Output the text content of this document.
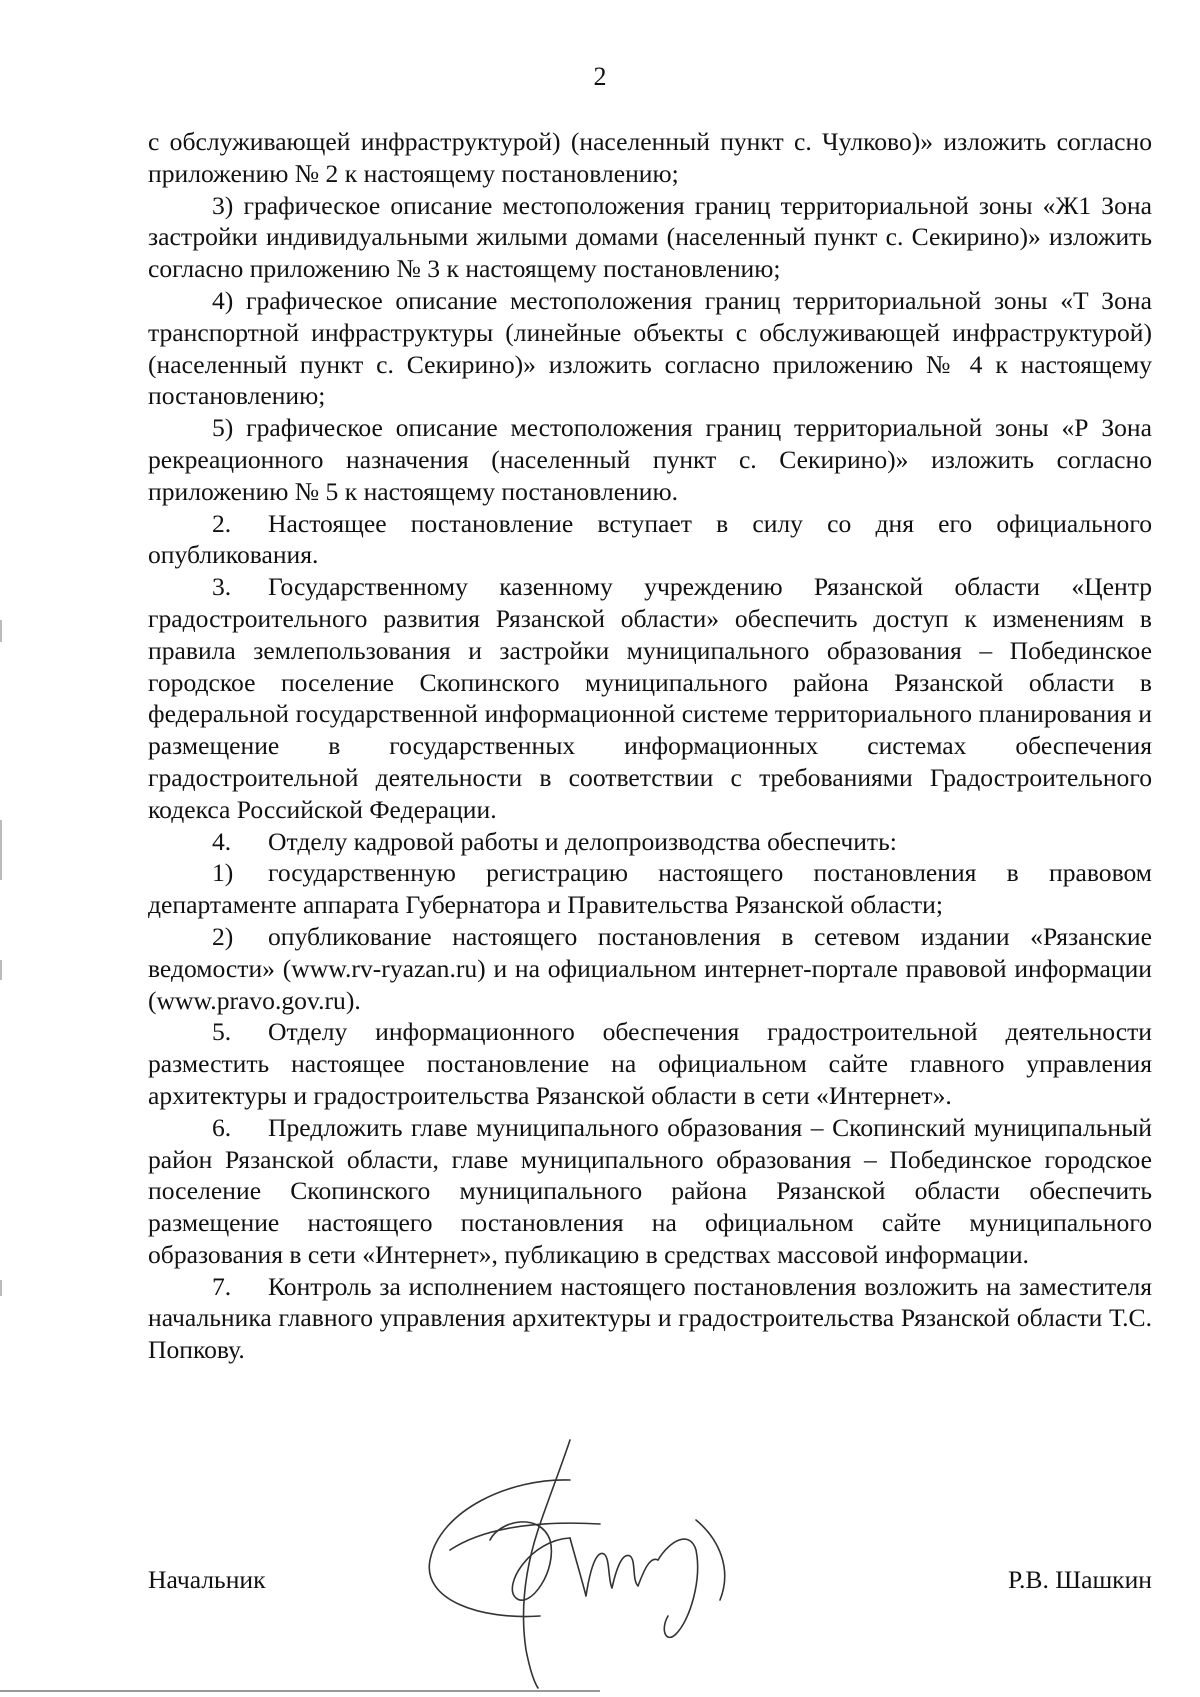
2

с обслуживающей инфраструктурой) (населенный пункт с. Чулково)» изложить согласно приложению № 2 к настоящему постановлению;

3) графическое описание местоположения границ территориальной зоны «Ж1 Зона застройки индивидуальными жилыми домами (населенный пункт с. Секирино)» изложить согласно приложению № 3 к настоящему постановлению;

4) графическое описание местоположения границ территориальной зоны «Т Зона транспортной инфраструктуры (линейные объекты с обслуживающей инфраструктурой) (населенный пункт с. Секирино)» изложить согласно приложению № 4 к настоящему постановлению;

5) графическое описание местоположения границ территориальной зоны «Р Зона рекреационного назначения (населенный пункт с. Секирино)» изложить согласно приложению № 5 к настоящему постановлению.

2. Настоящее постановление вступает в силу со дня его официального опубликования.

3. Государственному казенному учреждению Рязанской области «Центр градостроительного развития Рязанской области» обеспечить доступ к изменениям в правила землепользования и застройки муниципального образования – Побединское городское поселение Скопинского муниципального района Рязанской области в федеральной государственной информационной системе территориального планирования и размещение в государственных информационных системах обеспечения градостроительной деятельности в соответствии с требованиями Градостроительного кодекса Российской Федерации.

4. Отделу кадровой работы и делопроизводства обеспечить:

1) государственную регистрацию настоящего постановления в правовом департаменте аппарата Губернатора и Правительства Рязанской области;

2) опубликование настоящего постановления в сетевом издании «Рязанские ведомости» (www.rv-ryazan.ru) и на официальном интернет-портале правовой информации (www.pravo.gov.ru).

5. Отделу информационного обеспечения градостроительной деятельности разместить настоящее постановление на официальном сайте главного управления архитектуры и градостроительства Рязанской области в сети «Интернет».

6. Предложить главе муниципального образования – Скопинский муниципальный район Рязанской области, главе муниципального образования – Побединское городское поселение Скопинского муниципального района Рязанской области обеспечить размещение настоящего постановления на официальном сайте муниципального образования в сети «Интернет», публикацию в средствах массовой информации.

7. Контроль за исполнением настоящего постановления возложить на заместителя начальника главного управления архитектуры и градостроительства Рязанской области Т.С. Попкову.

Начальник	Р.В. Шашкин
